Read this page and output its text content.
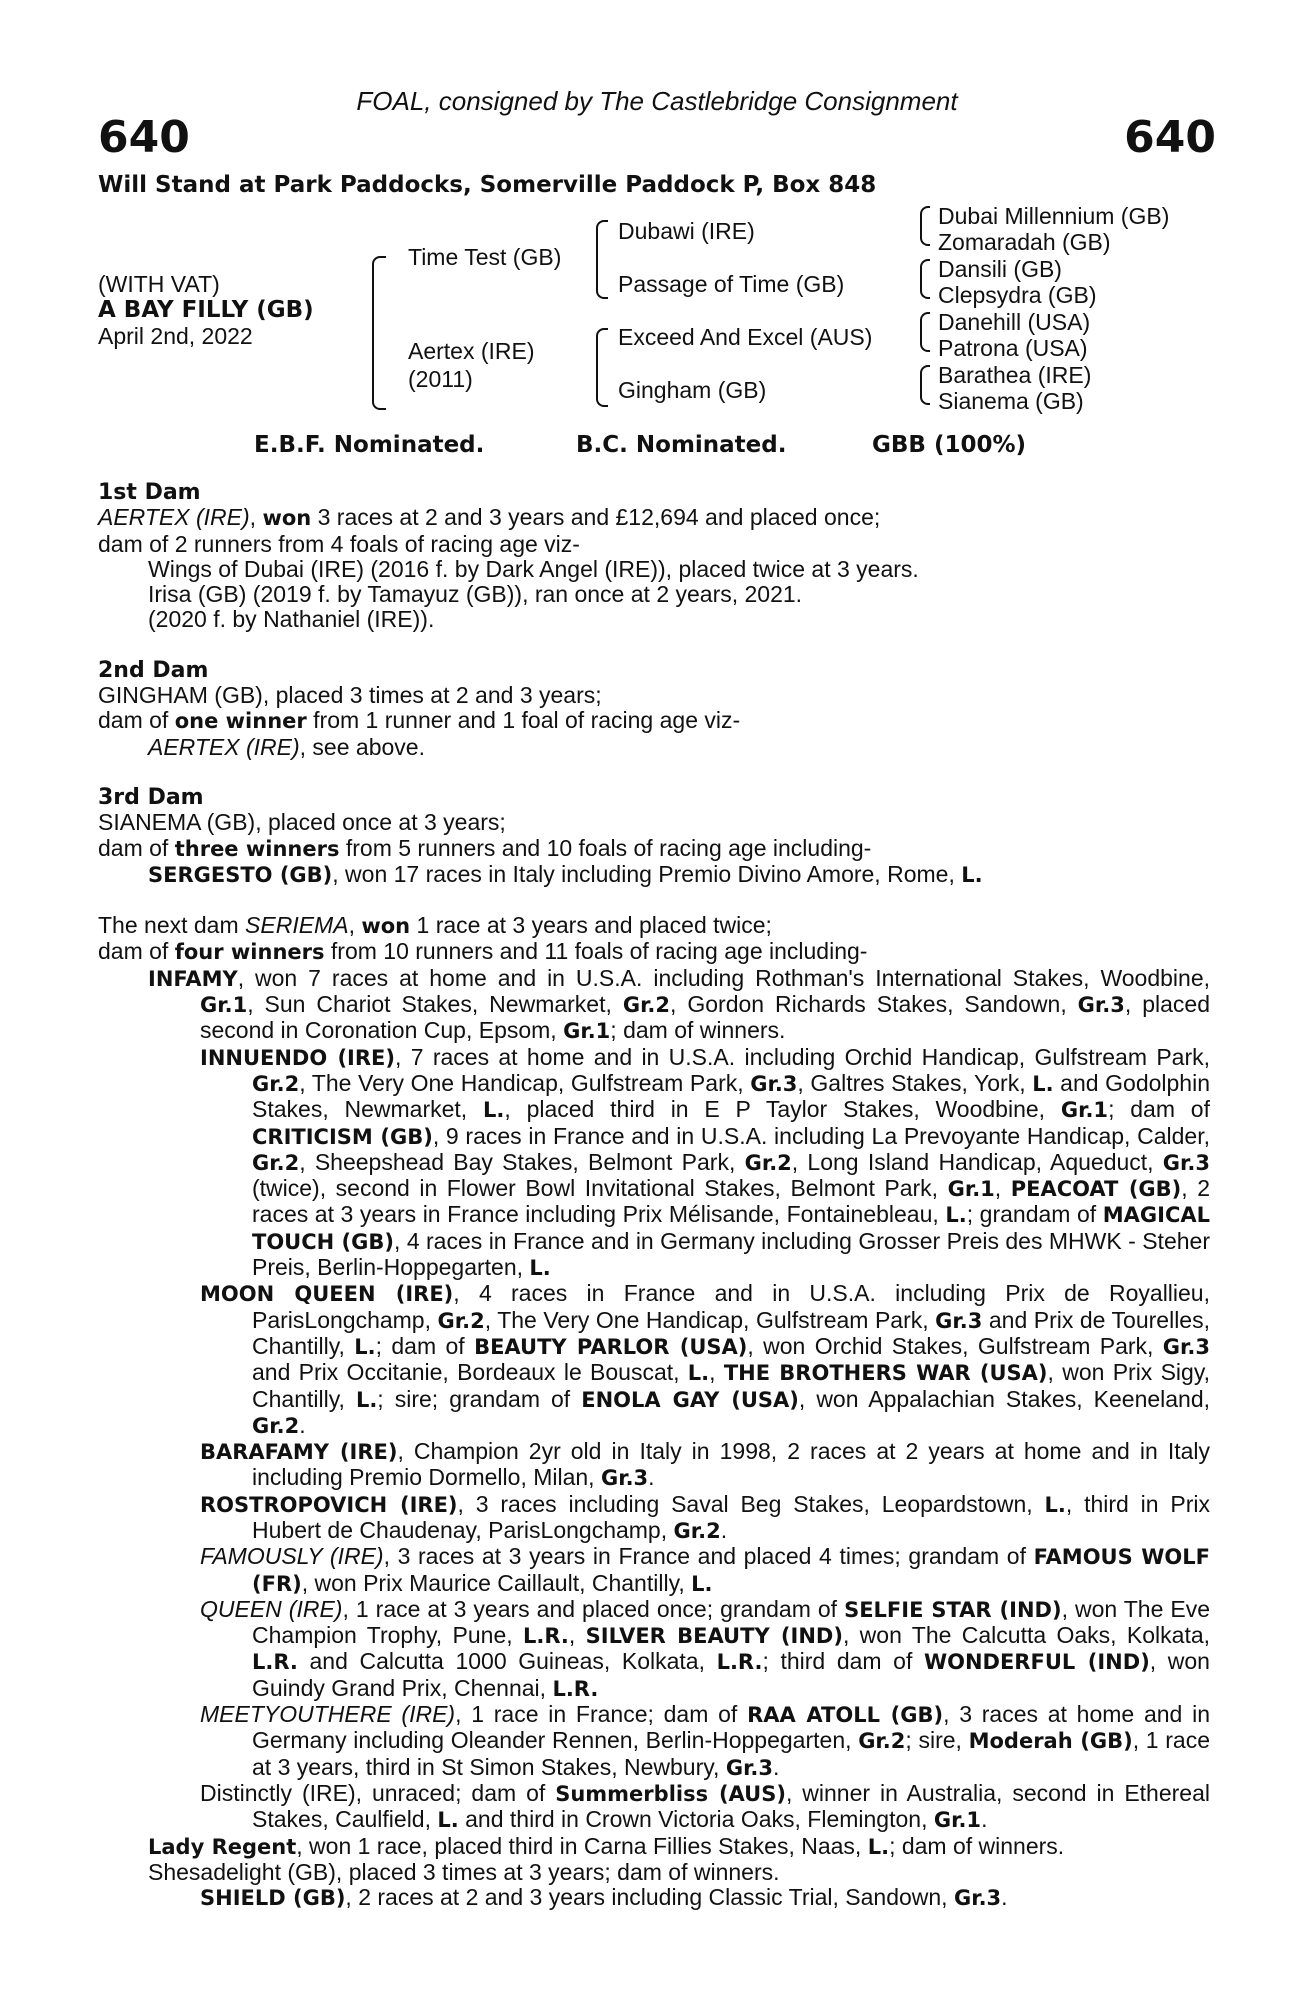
FOAL, consigned by The Castlebridge Consignment
640	640
Will Stand at Park Paddocks, Somerville Paddock P, Box 848
(WITH VAT)
A BAY FILLY (GB)
April 2nd, 2022
Time Test (GB)
Aertex (IRE)
(2011)
Dubawi (IRE)
Passage of Time (GB)
Exceed And Excel (AUS)
Gingham (GB)
Dubai Millennium (GB)
Zomaradah (GB)
Dansili (GB)
Clepsydra (GB)
Danehill (USA)
Patrona (USA)
Barathea (IRE)
Sianema (GB)
E.B.F. Nominated.	B.C. Nominated.	GBB (100%)

1st Dam

AERTEX (IRE), won 3 races at 2 and 3 years and £12,694 and placed once;

dam of 2 runners from 4 foals of racing age viz-

Wings of Dubai (IRE) (2016 f. by Dark Angel (IRE)), placed twice at 3 years.

Irisa (GB) (2019 f. by Tamayuz (GB)), ran once at 2 years, 2021.

(2020 f. by Nathaniel (IRE)).

2nd Dam

GINGHAM (GB), placed 3 times at 2 and 3 years;

dam of one winner from 1 runner and 1 foal of racing age viz-

AERTEX (IRE), see above.

3rd Dam

SIANEMA (GB), placed once at 3 years;

dam of three winners from 5 runners and 10 foals of racing age including-

SERGESTO (GB), won 17 races in Italy including Premio Divino Amore, Rome, L.

The next dam SERIEMA, won 1 race at 3 years and placed twice;

dam of four winners from 10 runners and 11 foals of racing age including-

INFAMY, won 7 races at home and in U.S.A. including Rothman's International Stakes, Woodbine, Gr.1, Sun Chariot Stakes, Newmarket, Gr.2, Gordon Richards Stakes, Sandown, Gr.3, placed second in Coronation Cup, Epsom, Gr.1; dam of winners.

INNUENDO (IRE), 7 races at home and in U.S.A. including Orchid Handicap, Gulfstream Park, Gr.2, The Very One Handicap, Gulfstream Park, Gr.3, Galtres Stakes, York, L. and Godolphin Stakes, Newmarket, L., placed third in E P Taylor Stakes, Woodbine, Gr.1; dam of CRITICISM (GB), 9 races in France and in U.S.A. including La Prevoyante Handicap, Calder, Gr.2, Sheepshead Bay Stakes, Belmont Park, Gr.2, Long Island Handicap, Aqueduct, Gr.3 (twice), second in Flower Bowl Invitational Stakes, Belmont Park, Gr.1, PEACOAT (GB), 2 races at 3 years in France including Prix Mélisande, Fontainebleau, L.; grandam of MAGICAL TOUCH (GB), 4 races in France and in Germany including Grosser Preis des MHWK - Steher Preis, Berlin-Hoppegarten, L.

MOON QUEEN (IRE), 4 races in France and in U.S.A. including Prix de Royallieu, ParisLongchamp, Gr.2, The Very One Handicap, Gulfstream Park, Gr.3 and Prix de Tourelles, Chantilly, L.; dam of BEAUTY PARLOR (USA), won Orchid Stakes, Gulfstream Park, Gr.3 and Prix Occitanie, Bordeaux le Bouscat, L., THE BROTHERS WAR (USA), won Prix Sigy, Chantilly, L.; sire; grandam of ENOLA GAY (USA), won Appalachian Stakes, Keeneland, Gr.2.

BARAFAMY (IRE), Champion 2yr old in Italy in 1998, 2 races at 2 years at home and in Italy including Premio Dormello, Milan, Gr.3.

ROSTROPOVICH (IRE), 3 races including Saval Beg Stakes, Leopardstown, L., third in Prix Hubert de Chaudenay, ParisLongchamp, Gr.2.

FAMOUSLY (IRE), 3 races at 3 years in France and placed 4 times; grandam of FAMOUS WOLF (FR), won Prix Maurice Caillault, Chantilly, L.

QUEEN (IRE), 1 race at 3 years and placed once; grandam of SELFIE STAR (IND), won The Eve Champion Trophy, Pune, L.R., SILVER BEAUTY (IND), won The Calcutta Oaks, Kolkata, L.R. and Calcutta 1000 Guineas, Kolkata, L.R.; third dam of WONDERFUL (IND), won Guindy Grand Prix, Chennai, L.R.

MEETYOUTHERE (IRE), 1 race in France; dam of RAA ATOLL (GB), 3 races at home and in Germany including Oleander Rennen, Berlin-Hoppegarten, Gr.2; sire, Moderah (GB), 1 race at 3 years, third in St Simon Stakes, Newbury, Gr.3.

Distinctly (IRE), unraced; dam of Summerbliss (AUS), winner in Australia, second in Ethereal Stakes, Caulfield, L. and third in Crown Victoria Oaks, Flemington, Gr.1.

Lady Regent, won 1 race, placed third in Carna Fillies Stakes, Naas, L.; dam of winners.

Shesadelight (GB), placed 3 times at 3 years; dam of winners.

SHIELD (GB), 2 races at 2 and 3 years including Classic Trial, Sandown, Gr.3.
